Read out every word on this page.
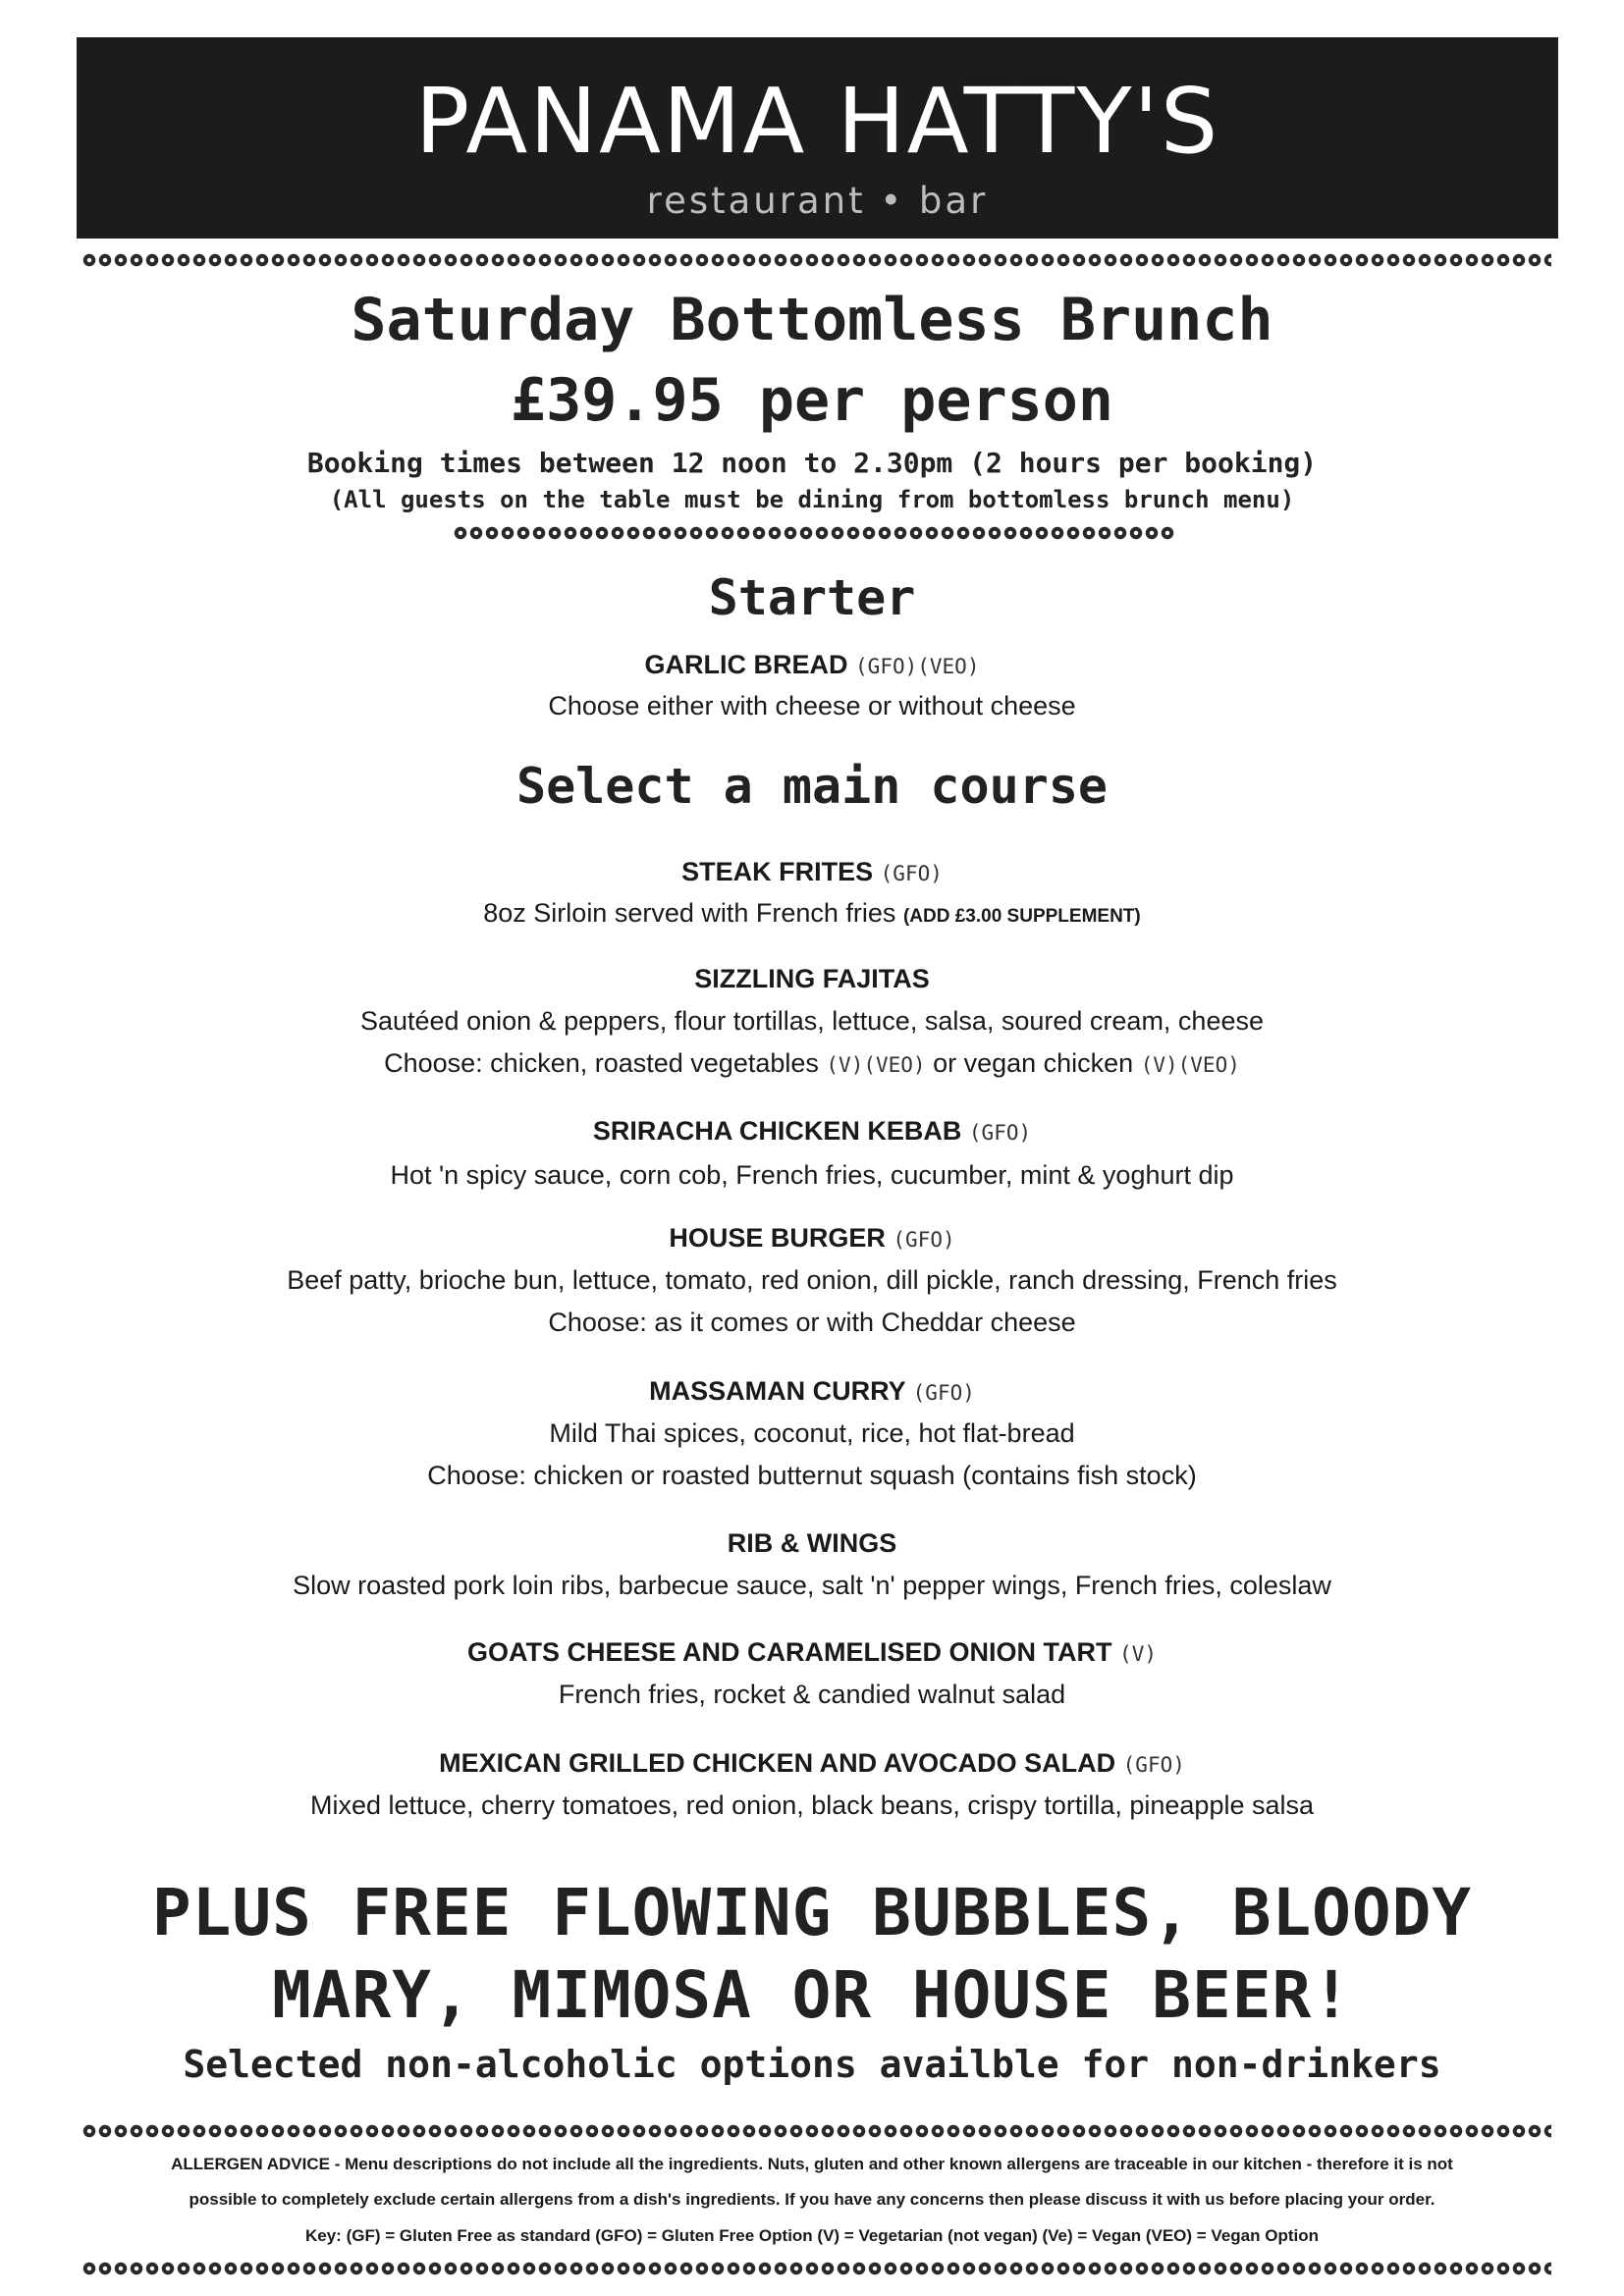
PANAMA HATTY'S
restaurant • bar
Saturday Bottomless Brunch
£39.95 per person
Booking times between 12 noon to 2.30pm (2 hours per booking)
(All guests on the table must be dining from bottomless brunch menu)
Starter
GARLIC BREAD (GFO)(VEO)
Choose either with cheese or without cheese
Select a main course
STEAK FRITES (GFO)
8oz Sirloin served with French fries (ADD £3.00 SUPPLEMENT)
SIZZLING FAJITAS
Sautéed onion & peppers, flour tortillas, lettuce, salsa, soured cream, cheese
Choose: chicken, roasted vegetables (V)(VEO) or vegan chicken (V)(VEO)
SRIRACHA CHICKEN KEBAB (GFO)
Hot 'n spicy sauce, corn cob, French fries, cucumber, mint & yoghurt dip
HOUSE BURGER (GFO)
Beef patty, brioche bun, lettuce, tomato, red onion, dill pickle, ranch dressing, French fries
Choose: as it comes or with Cheddar cheese
MASSAMAN CURRY (GFO)
Mild Thai spices, coconut, rice, hot flat-bread
Choose: chicken or roasted butternut squash (contains fish stock)
RIB & WINGS
Slow roasted pork loin ribs, barbecue sauce, salt 'n' pepper wings, French fries, coleslaw
GOATS CHEESE AND CARAMELISED ONION TART (V)
French fries, rocket & candied walnut salad
MEXICAN GRILLED CHICKEN AND AVOCADO SALAD (GFO)
Mixed lettuce, cherry tomatoes, red onion, black beans, crispy tortilla, pineapple salsa
PLUS FREE FLOWING BUBBLES, BLOODY
MARY, MIMOSA OR HOUSE BEER!
Selected non-alcoholic options availble for non-drinkers
ALLERGEN ADVICE - Menu descriptions do not include all the ingredients. Nuts, gluten and other known allergens are traceable in our kitchen - therefore it is not
possible to completely exclude certain allergens from a dish's ingredients. If you have any concerns then please discuss it with us before placing your order.
Key: (GF) = Gluten Free as standard (GFO) = Gluten Free Option (V) = Vegetarian (not vegan) (Ve) = Vegan (VEO) = Vegan Option
